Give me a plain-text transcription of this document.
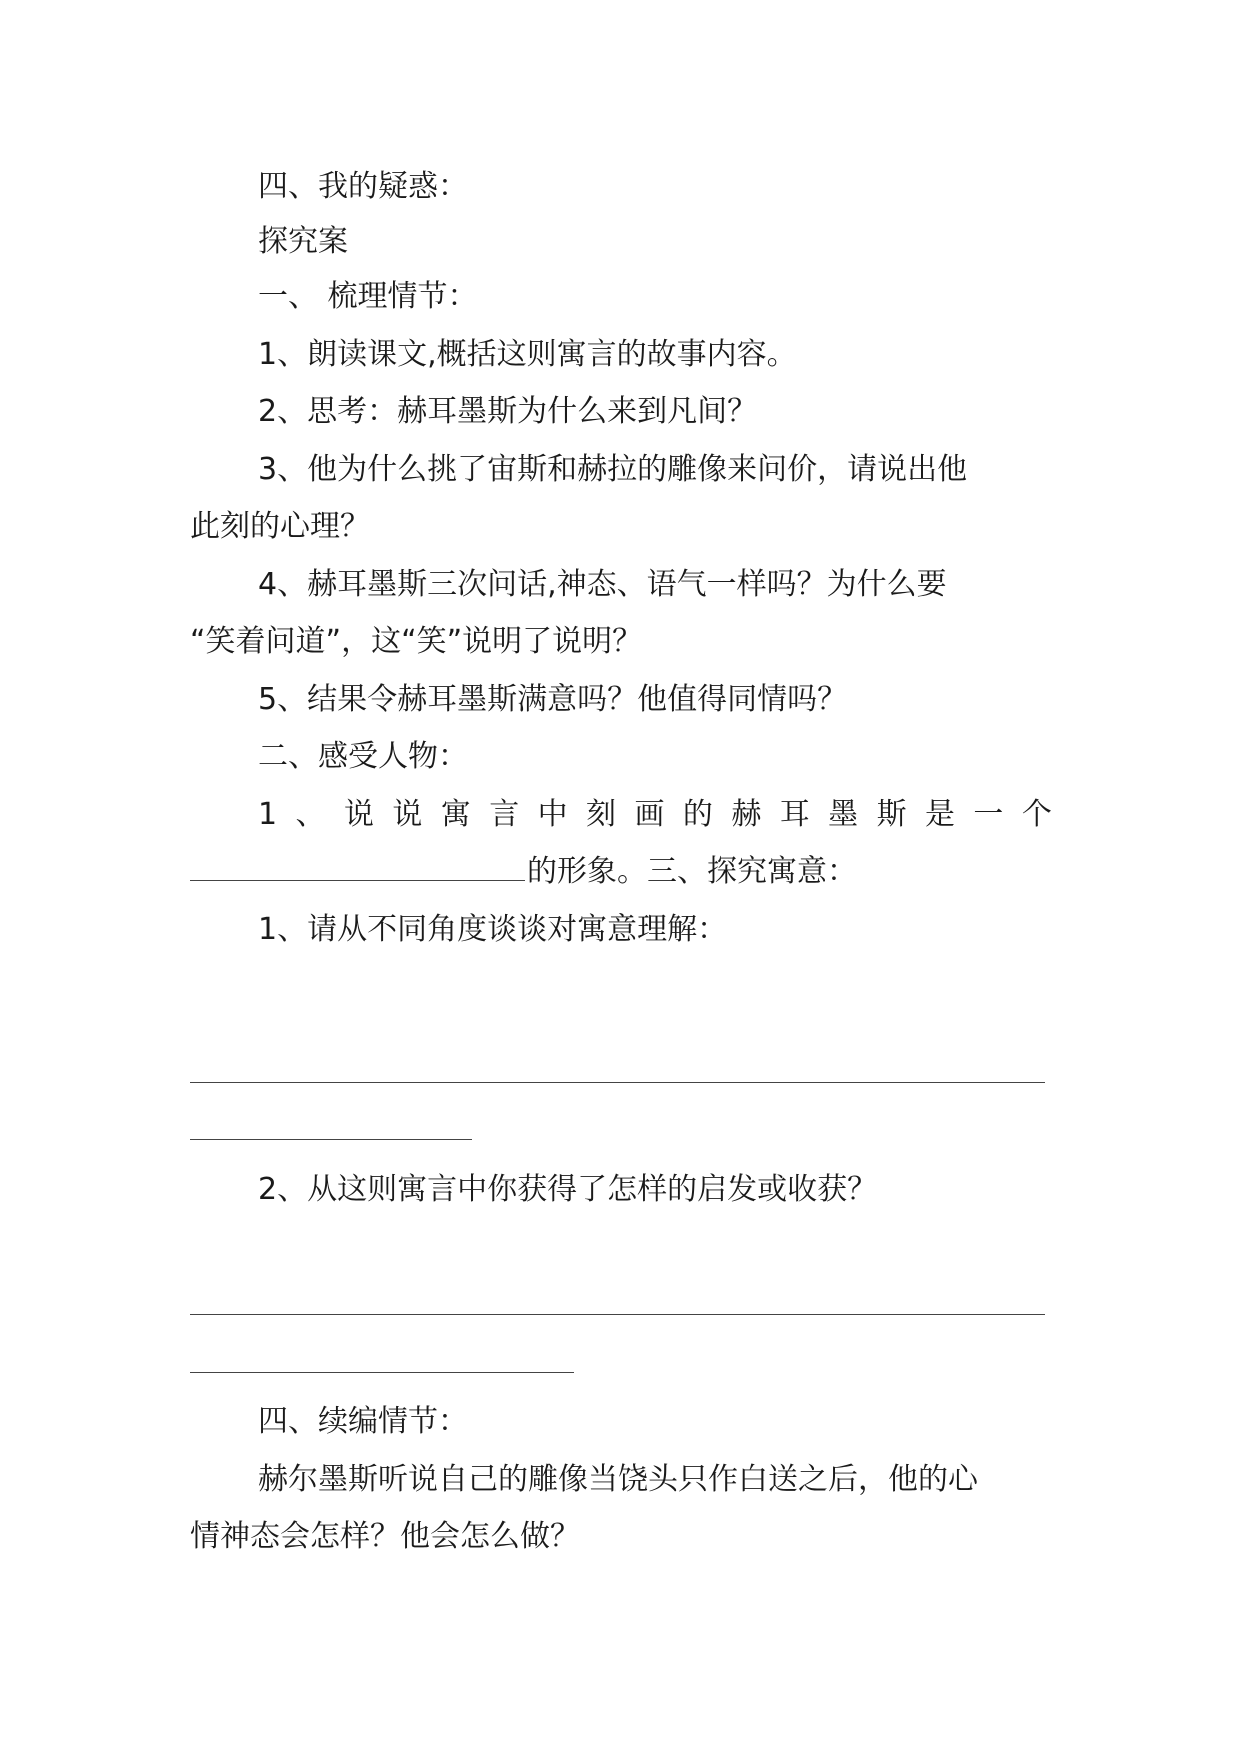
四、我的疑惑：
探究案
一、 梳理情节：
1、朗读课文,概括这则寓言的故事内容。
2、思考：赫耳墨斯为什么来到凡间？
3、他为什么挑了宙斯和赫拉的雕像来问价，请说出他
此刻的心理？
4、赫耳墨斯三次问话,神态、语气一样吗？为什么要
“笑着问道”，这“笑”说明了说明？
5、结果令赫耳墨斯满意吗？他值得同情吗？
二、感受人物：
1 、 说 说 寓 言 中 刻 画 的 赫 耳 墨 斯 是 一 个
的形象。三、探究寓意：
1、请从不同角度谈谈对寓意理解：
2、从这则寓言中你获得了怎样的启发或收获？
四、续编情节：
赫尔墨斯听说自己的雕像当饶头只作白送之后，他的心
情神态会怎样？他会怎么做？
